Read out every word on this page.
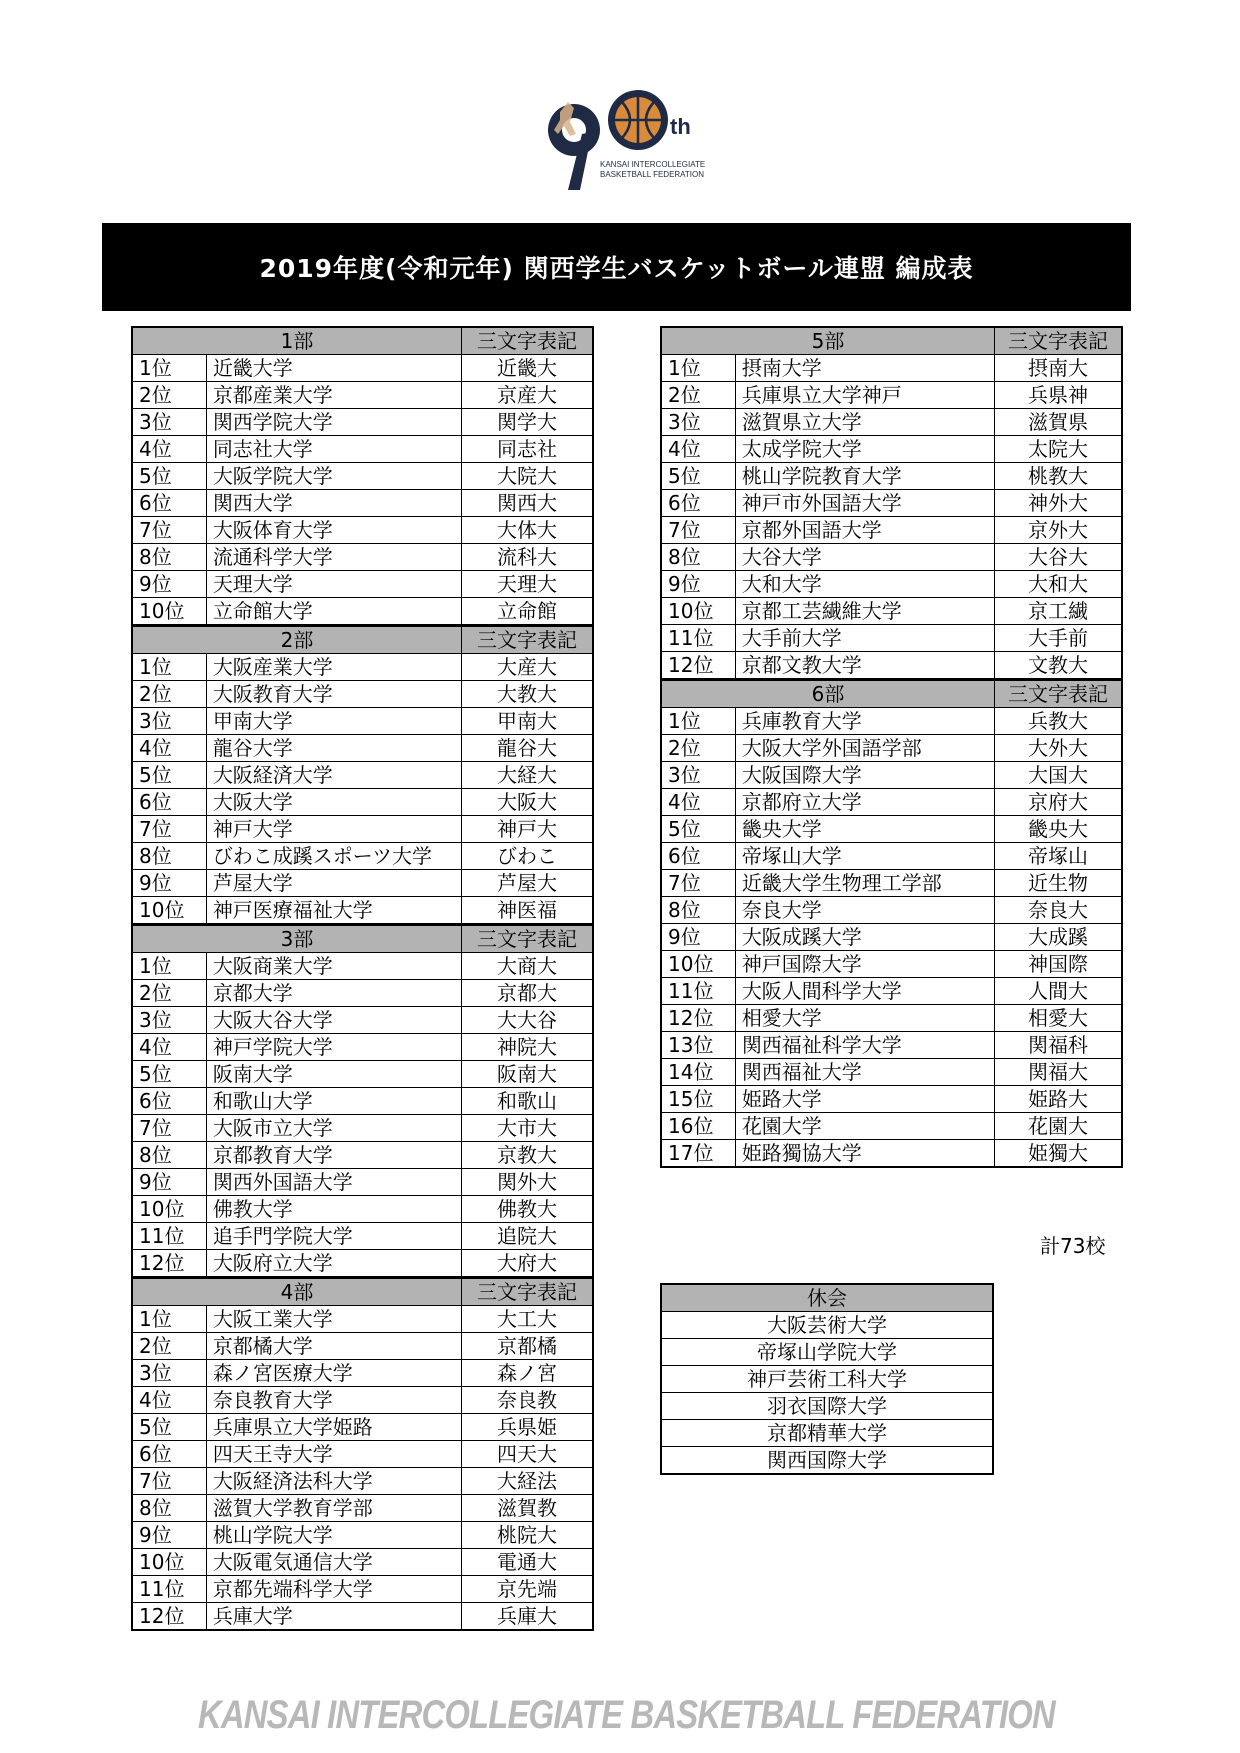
th
KANSAI INTERCOLLEGIATE
BASKETBALL FEDERATION
2019年度(令和元年) 関西学生バスケットボール連盟 編成表
1部		三文字表記
1位	近畿大学	近畿大
2位	京都産業大学	京産大
3位	関西学院大学	関学大
4位	同志社大学	同志社
5位	大阪学院大学	大院大
6位	関西大学	関西大
7位	大阪体育大学	大体大
8位	流通科学大学	流科大
9位	天理大学	天理大
10位	立命館大学	立命館
2部		三文字表記
1位	大阪産業大学	大産大
2位	大阪教育大学	大教大
3位	甲南大学	甲南大
4位	龍谷大学	龍谷大
5位	大阪経済大学	大経大
6位	大阪大学	大阪大
7位	神戸大学	神戸大
8位	びわこ成蹊スポーツ大学	びわこ
9位	芦屋大学	芦屋大
10位	神戸医療福祉大学	神医福
3部		三文字表記
1位	大阪商業大学	大商大
2位	京都大学	京都大
3位	大阪大谷大学	大大谷
4位	神戸学院大学	神院大
5位	阪南大学	阪南大
6位	和歌山大学	和歌山
7位	大阪市立大学	大市大
8位	京都教育大学	京教大
9位	関西外国語大学	関外大
10位	佛教大学	佛教大
11位	追手門学院大学	追院大
12位	大阪府立大学	大府大
4部		三文字表記
1位	大阪工業大学	大工大
2位	京都橘大学	京都橘
3位	森ノ宮医療大学	森ノ宮
4位	奈良教育大学	奈良教
5位	兵庫県立大学姫路	兵県姫
6位	四天王寺大学	四天大
7位	大阪経済法科大学	大経法
8位	滋賀大学教育学部	滋賀教
9位	桃山学院大学	桃院大
10位	大阪電気通信大学	電通大
11位	京都先端科学大学	京先端
12位	兵庫大学	兵庫大
5部		三文字表記
1位	摂南大学	摂南大
2位	兵庫県立大学神戸	兵県神
3位	滋賀県立大学	滋賀県
4位	太成学院大学	太院大
5位	桃山学院教育大学	桃教大
6位	神戸市外国語大学	神外大
7位	京都外国語大学	京外大
8位	大谷大学	大谷大
9位	大和大学	大和大
10位	京都工芸繊維大学	京工繊
11位	大手前大学	大手前
12位	京都文教大学	文教大
6部		三文字表記
1位	兵庫教育大学	兵教大
2位	大阪大学外国語学部	大外大
3位	大阪国際大学	大国大
4位	京都府立大学	京府大
5位	畿央大学	畿央大
6位	帝塚山大学	帝塚山
7位	近畿大学生物理工学部	近生物
8位	奈良大学	奈良大
9位	大阪成蹊大学	大成蹊
10位	神戸国際大学	神国際
11位	大阪人間科学大学	人間大
12位	相愛大学	相愛大
13位	関西福祉科学大学	関福科
14位	関西福祉大学	関福大
15位	姫路大学	姫路大
16位	花園大学	花園大
17位	姫路獨協大学	姫獨大
計73校
休会
大阪芸術大学
帝塚山学院大学
神戸芸術工科大学
羽衣国際大学
京都精華大学
関西国際大学
KANSAI INTERCOLLEGIATE BASKETBALL FEDERATION
